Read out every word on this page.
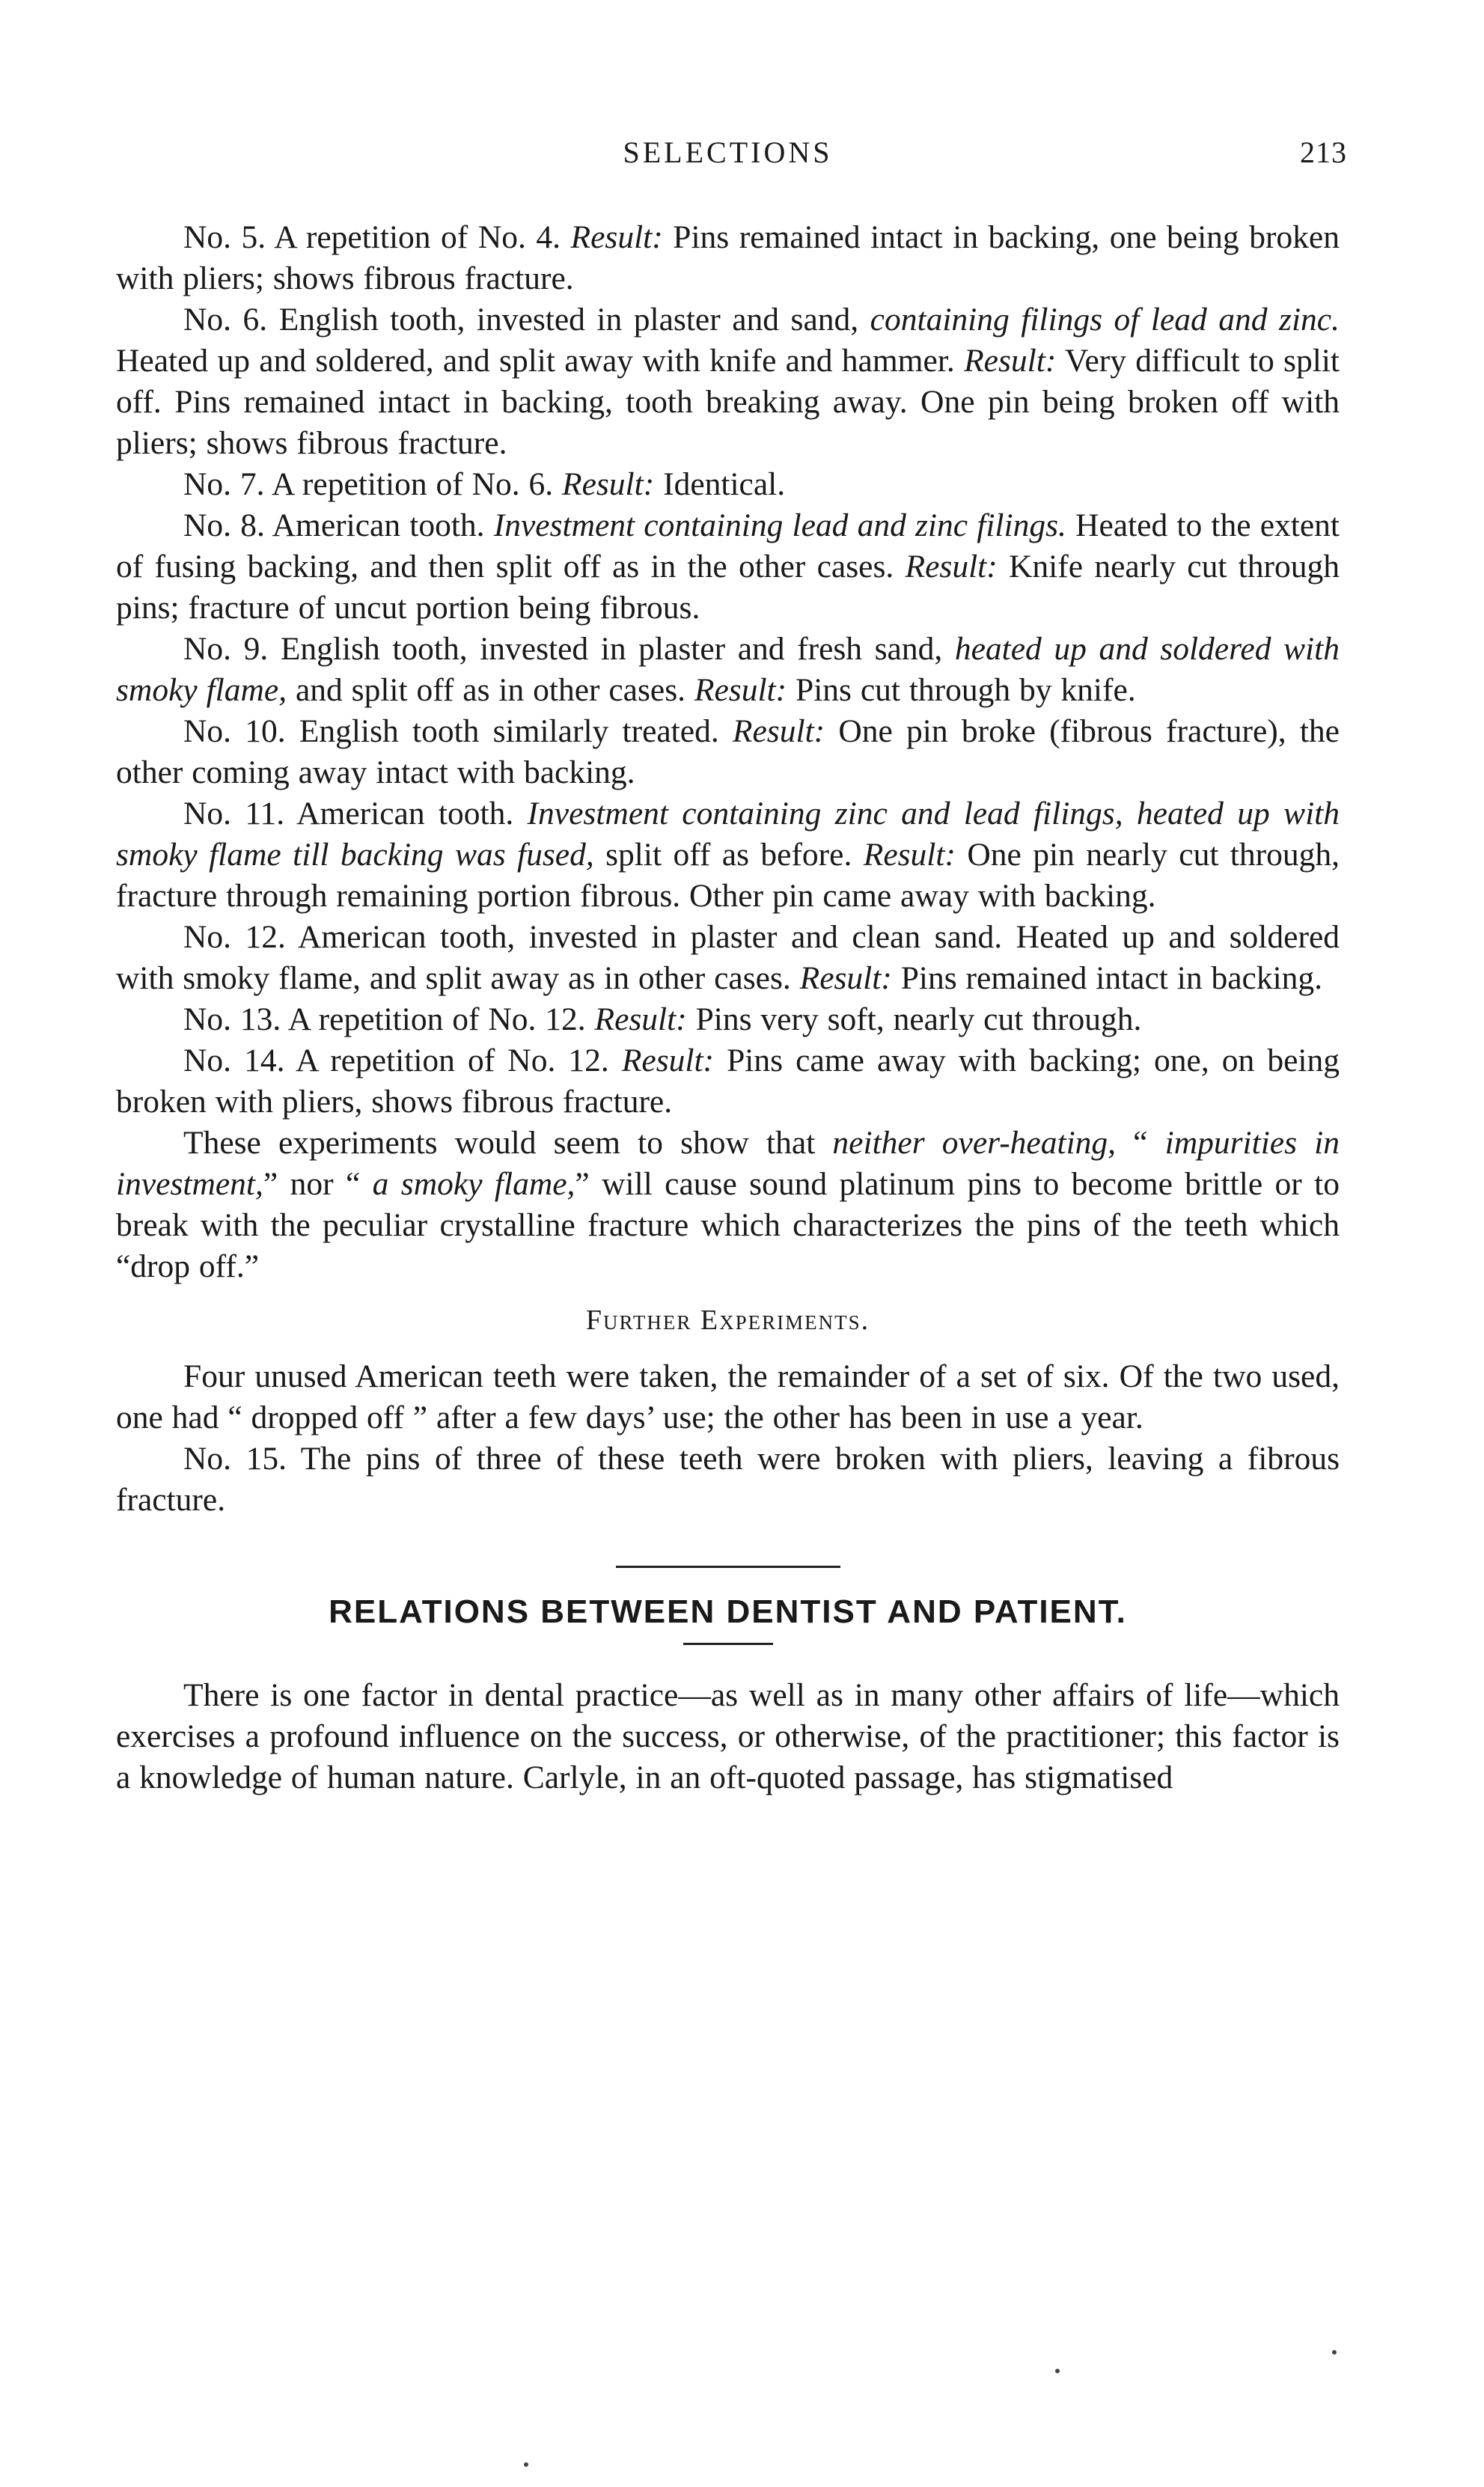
SELECTIONS	213

No. 5. A repetition of No. 4. Result: Pins remained intact in backing, one being broken with pliers; shows fibrous fracture.

No. 6. English tooth, invested in plaster and sand, containing filings of lead and zinc. Heated up and soldered, and split away with knife and hammer. Result: Very difficult to split off. Pins remained intact in backing, tooth breaking away. One pin being broken off with pliers; shows fibrous fracture.

No. 7. A repetition of No. 6. Result: Identical.

No. 8. American tooth. Investment containing lead and zinc filings. Heated to the extent of fusing backing, and then split off as in the other cases. Result: Knife nearly cut through pins; fracture of uncut portion being fibrous.

No. 9. English tooth, invested in plaster and fresh sand, heated up and soldered with smoky flame, and split off as in other cases. Result: Pins cut through by knife.

No. 10. English tooth similarly treated. Result: One pin broke (fibrous fracture), the other coming away intact with backing.

No. 11. American tooth. Investment containing zinc and lead filings, heated up with smoky flame till backing was fused, split off as before. Result: One pin nearly cut through, fracture through remaining portion fibrous. Other pin came away with backing.

No. 12. American tooth, invested in plaster and clean sand. Heated up and soldered with smoky flame, and split away as in other cases. Result: Pins remained intact in backing.

No. 13. A repetition of No. 12. Result: Pins very soft, nearly cut through.

No. 14. A repetition of No. 12. Result: Pins came away with backing; one, on being broken with pliers, shows fibrous fracture.

These experiments would seem to show that neither over-heating, “ impurities in investment,” nor “ a smoky flame,” will cause sound platinum pins to become brittle or to break with the peculiar crystalline fracture which characterizes the pins of the teeth which “drop off.”

Further Experiments.

Four unused American teeth were taken, the remainder of a set of six. Of the two used, one had “ dropped off ” after a few days’ use; the other has been in use a year.

No. 15. The pins of three of these teeth were broken with pliers, leaving a fibrous fracture.

RELATIONS BETWEEN DENTIST AND PATIENT.

There is one factor in dental practice—as well as in many other affairs of life—which exercises a profound influence on the success, or otherwise, of the practitioner; this factor is a knowledge of human nature. Carlyle, in an oft-quoted passage, has stigmatised
